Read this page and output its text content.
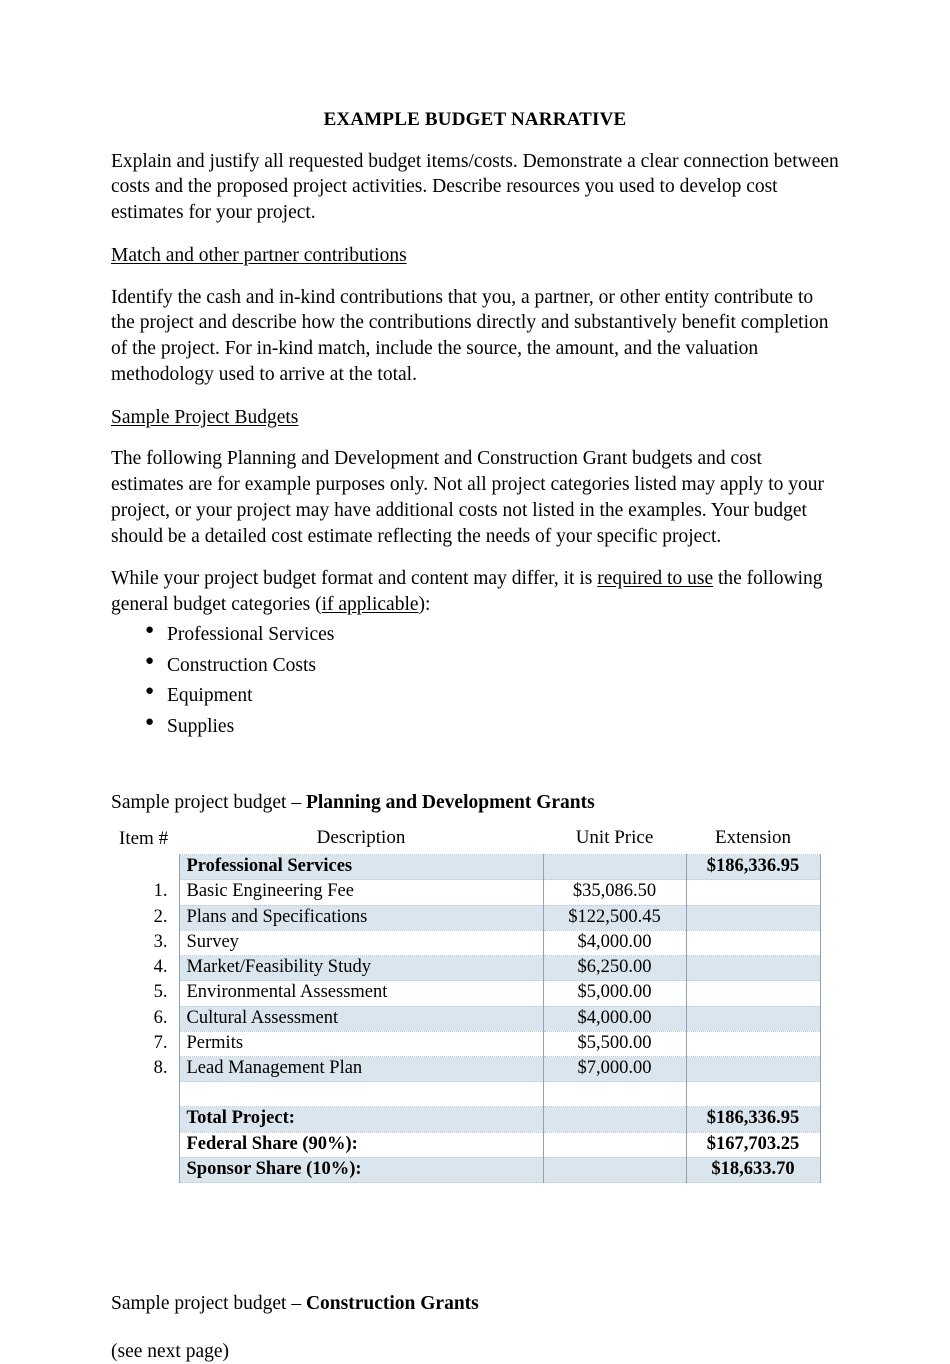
EXAMPLE BUDGET NARRATIVE

Explain and justify all requested budget items/costs. Demonstrate a clear connection between costs and the proposed project activities. Describe resources you used to develop cost estimates for your project.

Match and other partner contributions

Identify the cash and in-kind contributions that you, a partner, or other entity contribute to the project and describe how the contributions directly and substantively benefit completion of the project. For in-kind match, include the source, the amount, and the valuation methodology used to arrive at the total.

Sample Project Budgets

The following Planning and Development and Construction Grant budgets and cost estimates are for example purposes only. Not all project categories listed may apply to your project, or your project may have additional costs not listed in the examples. Your budget should be a detailed cost estimate reflecting the needs of your specific project.

While your project budget format and content may differ, it is required to use the following general budget categories (if applicable):

● Professional Services
● Construction Costs
● Equipment
● Supplies
Sample project budget – Planning and Development Grants
Item #	Description	Unit Price	Extension
	Professional Services		$186,336.95
1.	Basic Engineering Fee	$35,086.50	
2.	Plans and Specifications	$122,500.45	
3.	Survey	$4,000.00	
4.	Market/Feasibility Study	$6,250.00	
5.	Environmental Assessment	$5,000.00	
6.	Cultural Assessment	$4,000.00	
7.	Permits	$5,500.00	
8.	Lead Management Plan	$7,000.00	

	Total Project:		$186,336.95
	Federal Share (90%):		$167,703.25
	Sponsor Share (10%):		$18,633.70

Sample project budget – Construction Grants

(see next page)
